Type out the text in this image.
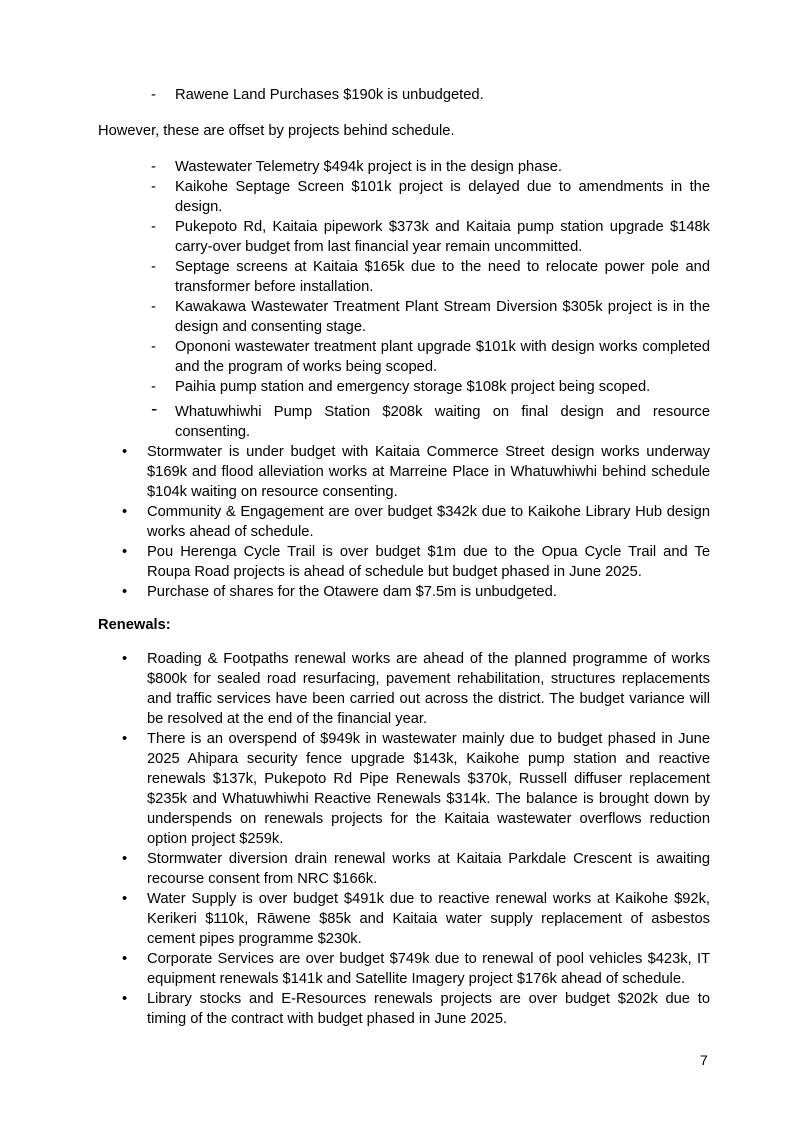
- Rawene Land Purchases $190k is unbudgeted.

However, these are offset by projects behind schedule.

- Wastewater Telemetry $494k project is in the design phase.
- Kaikohe Septage Screen $101k project is delayed due to amendments in the design.
- Pukepoto Rd, Kaitaia pipework $373k and Kaitaia pump station upgrade $148k carry-over budget from last financial year remain uncommitted.
- Septage screens at Kaitaia $165k due to the need to relocate power pole and transformer before installation.
- Kawakawa Wastewater Treatment Plant Stream Diversion $305k project is in the design and consenting stage.
- Opononi wastewater treatment plant upgrade $101k with design works completed and the program of works being scoped.
- Paihia pump station and emergency storage $108k project being scoped.
- Whatuwhiwhi Pump Station $208k waiting on final design and resource consenting.
• Stormwater is under budget with Kaitaia Commerce Street design works underway $169k and flood alleviation works at Marreine Place in Whatuwhiwhi behind schedule $104k waiting on resource consenting.
• Community & Engagement are over budget $342k due to Kaikohe Library Hub design works ahead of schedule.
• Pou Herenga Cycle Trail is over budget $1m due to the Opua Cycle Trail and Te Roupa Road projects is ahead of schedule but budget phased in June 2025.
• Purchase of shares for the Otawere dam $7.5m is unbudgeted.
Renewals:
• Roading & Footpaths renewal works are ahead of the planned programme of works $800k for sealed road resurfacing, pavement rehabilitation, structures replacements and traffic services have been carried out across the district. The budget variance will be resolved at the end of the financial year.
• There is an overspend of $949k in wastewater mainly due to budget phased in June 2025 Ahipara security fence upgrade $143k, Kaikohe pump station and reactive renewals $137k, Pukepoto Rd Pipe Renewals $370k, Russell diffuser replacement $235k and Whatuwhiwhi Reactive Renewals $314k. The balance is brought down by underspends on renewals projects for the Kaitaia wastewater overflows reduction option project $259k.
• Stormwater diversion drain renewal works at Kaitaia Parkdale Crescent is awaiting recourse consent from NRC $166k.
• Water Supply is over budget $491k due to reactive renewal works at Kaikohe $92k, Kerikeri $110k, Rāwene $85k and Kaitaia water supply replacement of asbestos cement pipes programme $230k.
• Corporate Services are over budget $749k due to renewal of pool vehicles $423k, IT equipment renewals $141k and Satellite Imagery project $176k ahead of schedule.
• Library stocks and E-Resources renewals projects are over budget $202k due to timing of the contract with budget phased in June 2025.
7
